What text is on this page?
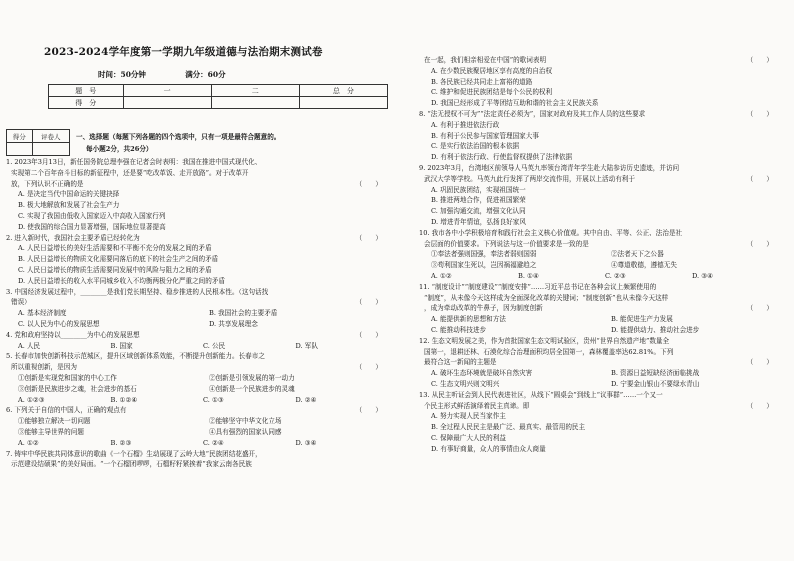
2023-2024学年度第一学期九年级道德与法治期末测试卷
时间：50分钟	满分：60分
题　号	一	二	总　分
得　分			
得分	评卷人
	一、选择题（每题下列各题的四个选项中，只有一项是最符合题意的。
每小题2分，共26分）
1. 2023年3月13日，新任国务院总理李强在记者会时表明：我国在推进中国式现代化、
实现第二个百年奋斗目标的新征程中，还是要“吃改革饭、走开放路”。对于改革开
（　　）
放，下列认识不正确的是
A. 是决定当代中国命运的关键抉择
B. 极大地解放和发展了社会生产力
C. 实现了我国由低收入国家迈入中高收入国家行列
D. 使我国的综合国力显著增强，国际地位显著提高
（　　）
2. 进入新时代，我国社会主要矛盾已经转化为
A. 人民日益增长的美好生活需要和不平衡不充分的发展之间的矛盾
B. 人民日益增长的物质文化需要同落后的底下的社会生产之间的矛盾
C. 人民日益增长的物质生活需要同发展中的风险与阻力之间的矛盾
D. 人民日益增长的收入水平同城乡收入不均衡两极分化严重之间的矛盾
3. 中国经济发展过程中，________是我们党长期坚持、稳步推进的人民根本性。（这句话找
（　　）
错误）
A. 基本经济制度	B. 我国社会的主要矛盾
C. 以人民为中心的发展思想	D. 共享发展理念
（　　）
4. 党和政府坚持以________为中心的发展思想
A. 人民	B. 国家	C. 公民	D. 军队
5. 长春市加快创新科技示范城区，提升区域创新体系效能，不断提升创新能力。长春市之
（　　）
所以重视创新，是因为
①创新是实现党和国家的中心工作	②创新是引领发展的第一动力
③创新是民族进步之魂，社会进步的基石	④创新是一个民族进步的灵魂
A. ①②③	B. ①②④	C. ①③	D. ②④
（　　）
6. 下列关于自信的中国人，正确的观点有
①能够独立解决一切问题	②能够坚守中华文化立场
③能够主导世界的问题	④具有强烈的国家认同感
A. ①②	B. ②③	C. ②④	D. ③④
7. 铸牢中华民族共同体意识的歌曲《一个石榴》生动展现了云岭大地“民族团结花盛开，
示范建设结硕果”的美好局面。“一个石榴团啰啰，石榴籽籽紧挨着”我家云南各民族
（　　）
在一起，我们相亲相爱在中国”的歌词表明
A. 在少数民族聚居地区享有高度的自治权
B. 各民族已经共同走上富裕的道路
C. 维护和促进民族团结是每个公民的权利
D. 我国已经形成了平等团结互助和谐的社会主义民族关系
（　　）
8. “法无授权不可为”“法定责任必须为”，国家对政府及其工作人员的这些要求
A. 有利于推进依法行政
B. 有利于公民参与国家管理国家大事
C. 是实行依法治国的根本依据
D. 有利于依法行政、行使监督权提供了法律依据
9. 2023年3月，台湾地区前领导人马英九率领台湾青年学生赴大陆参访历史遗迹，并访问
（　　）
武汉大学等学校。马英九此行发挥了两岸交流作用，开展以上活动有利于
A. 巩固民族团结，实现祖国统一
B. 推进两地合作，促进祖国繁荣
C. 加强沟通交流，增强文化认同
D. 增进青年情谊，弘扬良好家风
10. 我市各中小学积极培育和践行社会主义核心价值观。其中自由、平等、公正、法治是社
（　　）
会层面的价值要求。下列说法与这一价值要求是一致的是
①奉法者强则国强，奉法者弱则国弱	②法者天下之公器
③苟利国家生死以，岂因祸福避趋之	④尊道敬德，遵德无失
A. ①②	B. ①④	C. ②③	D. ③④
11. “制度设计”“制度建设”“制度安排”……习近平总书记在各种会议上频繁使用的
“制度”，从未像今天这样成为全面深化改革的关键词；“制度创新”也从未像今天这样
（　　）
，成为牵动改革的牛鼻子，因为制度创新
A. 能提供新的思想和方法	B. 能促进生产力发展
C. 能推动科技进步	D. 能提供动力、推动社会进步
12. 生态文明发展之美，作为首批国家生态文明试验区，贵州“世界自然遗产地”数量全
国第一，退耕还林、石漠化综合治理面积均居全国第一，森林覆盖率达62.81%。下列
（　　）
最符合这一新闻的主题是
A. 破坏生态环境就是破坏自然灾害	B. 资源日益短缺经济面临挑战
C. 生态文明兴则文明兴	D. 宁要金山银山不要绿水青山
13. 从民主听证会到人民代表进社区，从线下“圆桌会”到线上“议事群”……一个又一
（　　）
个民主形式鲜活演绎着民主真谛。即
A. 努力实现人民当家作主
B. 全过程人民民主是最广泛、最真实、最管用的民主
C. 保障最广大人民的利益
D. 有事好商量，众人的事情由众人商量
